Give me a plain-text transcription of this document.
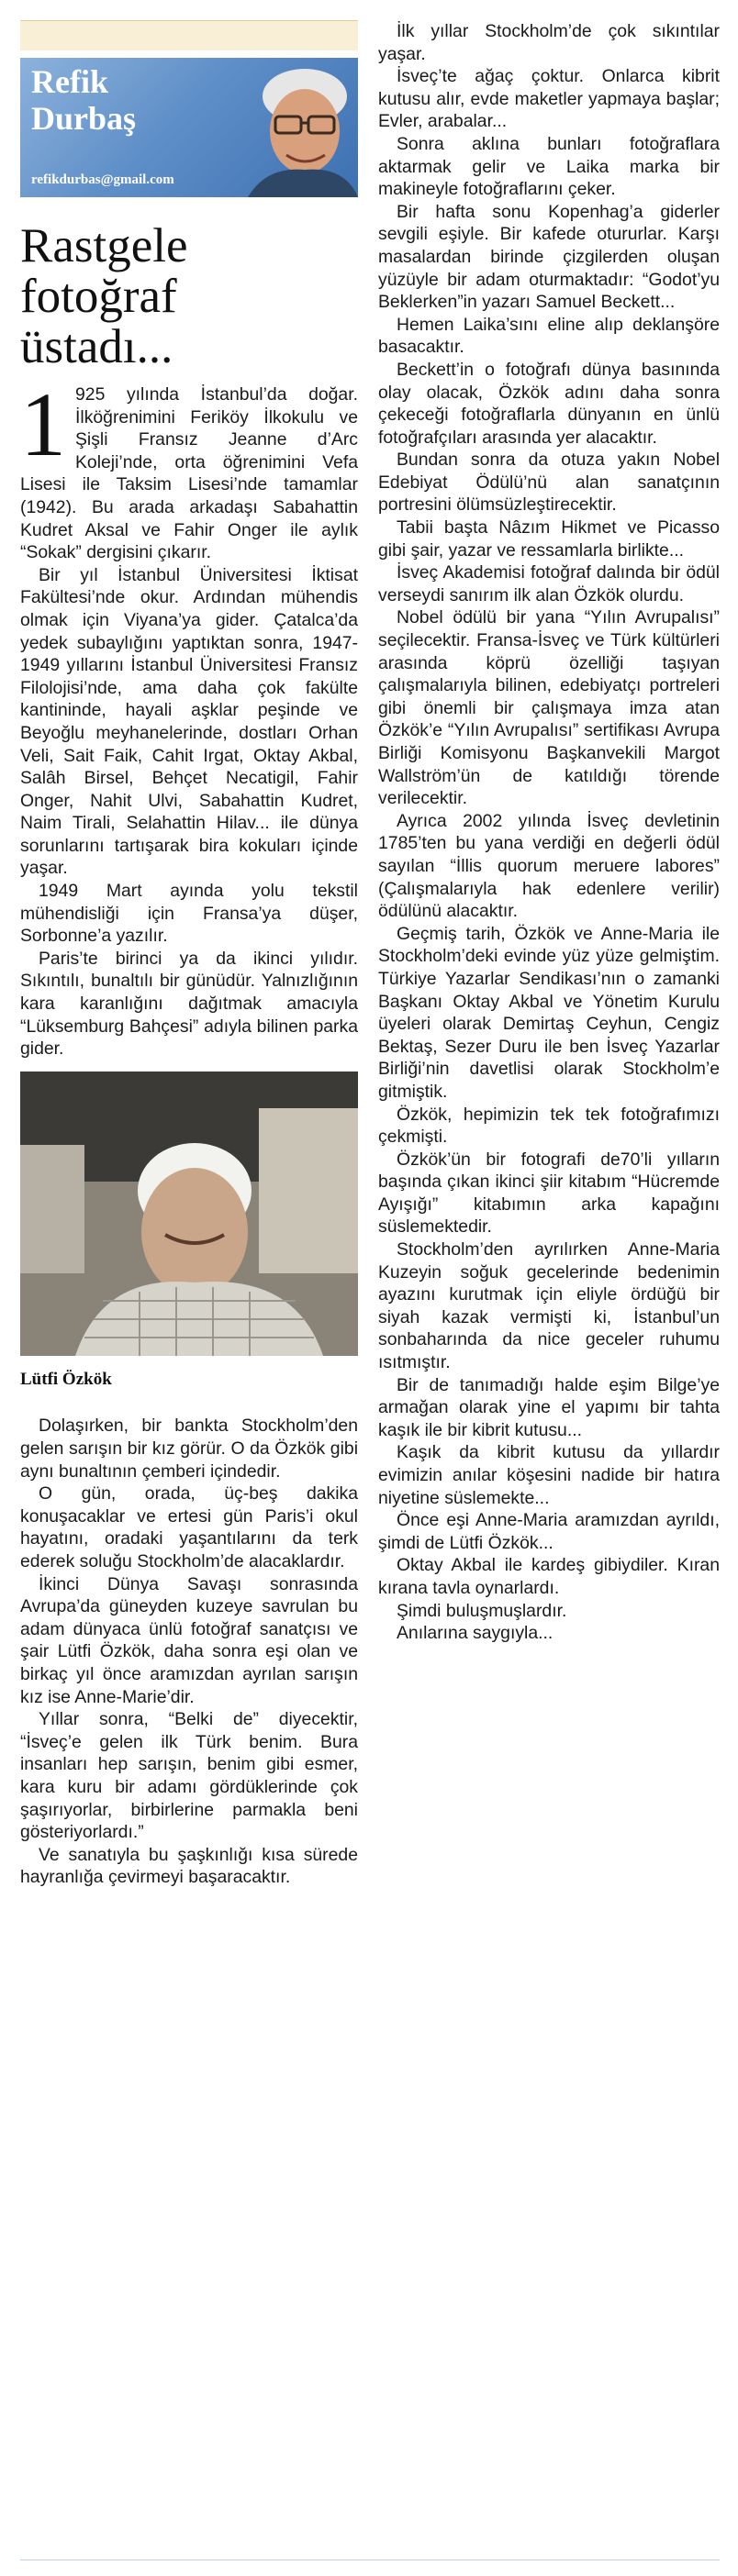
Refik
Durbaş
refikdurbas@gmail.com
Rastgele
fotoğraf
üstadı...

1 925 yılında İstanbul’da doğar. İlköğrenimini Feriköy İlkokulu ve Şişli Fransız Jeanne d’Arc Koleji’nde, orta öğrenimini Vefa Lisesi ile Taksim Lisesi’nde tamamlar (1942). Bu arada arkadaşı Sabahattin Kudret Aksal ve Fahir Onger ile aylık “Sokak” dergisini çıkarır.

Bir yıl İstanbul Üniversitesi İktisat Fakültesi’nde okur. Ardından mühendis olmak için Viyana’ya gider. Çatalca’da yedek subaylığını yaptıktan sonra, 1947-1949 yıllarını İstanbul Üniversitesi Fransız Filolojisi’nde, ama daha çok fakülte kantininde, hayali aşklar peşinde ve Beyoğlu meyhanelerinde, dostları Orhan Veli, Sait Faik, Cahit Irgat, Oktay Akbal, Salâh Birsel, Behçet Necatigil, Fahir Onger, Nahit Ulvi, Sabahattin Kudret, Naim Tirali, Selahattin Hilav... ile dünya sorunlarını tartışarak bira kokuları içinde yaşar.

1949 Mart ayında yolu tekstil mühendisliği için Fransa’ya düşer, Sorbonne’a yazılır.

Paris’te birinci ya da ikinci yılıdır. Sıkıntılı, bunaltılı bir günüdür. Yalnızlığının kara karanlığını dağıtmak amacıyla “Lüksemburg Bahçesi” adıyla bilinen parka gider.

Lütfi Özkök

Dolaşırken, bir bankta Stockholm’den gelen sarışın bir kız görür. O da Özkök gibi aynı bunaltının çemberi içindedir.

O gün, orada, üç-beş dakika konuşacaklar ve ertesi gün Paris’i okul hayatını, oradaki yaşantılarını da terk ederek soluğu Stockholm’de alacaklardır.

İkinci Dünya Savaşı sonrasında Avrupa’da güneyden kuzeye savrulan bu adam dünyaca ünlü fotoğraf sanatçısı ve şair Lütfi Özkök, daha sonra eşi olan ve birkaç yıl önce aramızdan ayrılan sarışın kız ise Anne-Marie’dir.

Yıllar sonra, “Belki de” diyecektir, “İsveç’e gelen ilk Türk benim. Bura insanları hep sarışın, benim gibi esmer, kara kuru bir adamı gördüklerinde çok şaşırıyorlar, birbirlerine parmakla beni gösteriyorlardı.”

Ve sanatıyla bu şaşkınlığı kısa sürede hayranlığa çevirmeyi başaracaktır.

İlk yıllar Stockholm’de çok sıkıntılar yaşar.

İsveç’te ağaç çoktur. Onlarca kibrit kutusu alır, evde maketler yapmaya başlar; Evler, arabalar...

Sonra aklına bunları fotoğraflara aktarmak gelir ve Laika marka bir makineyle fotoğraflarını çeker.

Bir hafta sonu Kopenhag’a giderler sevgili eşiyle. Bir kafede otururlar. Karşı masalardan birinde çizgilerden oluşan yüzüyle bir adam oturmaktadır: “Godot’yu Beklerken”in yazarı Samuel Beckett...

Hemen Laika’sını eline alıp deklanşöre basacaktır.

Beckett’in o fotoğrafı dünya basınında olay olacak, Özkök adını daha sonra çekeceği fotoğraflarla dünyanın en ünlü fotoğrafçıları arasında yer alacaktır.

Bundan sonra da otuza yakın Nobel Edebiyat Ödülü’nü alan sanatçının portresini ölümsüzleştirecektir.

Tabii başta Nâzım Hikmet ve Picasso gibi şair, yazar ve ressamlarla birlikte...

İsveç Akademisi fotoğraf dalında bir ödül verseydi sanırım ilk alan Özkök olurdu.

Nobel ödülü bir yana “Yılın Avrupalısı” seçilecektir. Fransa-İsveç ve Türk kültürleri arasında köprü özelliği taşıyan çalışmalarıyla bilinen, edebiyatçı portreleri gibi önemli bir çalışmaya imza atan Özkök’e “Yılın Avrupalısı” sertifikası Avrupa Birliği Komisyonu Başkanvekili Margot Wallström’ün de katıldığı törende verilecektir.

Ayrıca 2002 yılında İsveç devletinin 1785’ten bu yana verdiği en değerli ödül sayılan “İllis quorum meruere labores” (Çalışmalarıyla hak edenlere verilir) ödülünü alacaktır.

Geçmiş tarih, Özkök ve Anne-Maria ile Stockholm’deki evinde yüz yüze gelmiştim. Türkiye Yazarlar Sendikası’nın o zamanki Başkanı Oktay Akbal ve Yönetim Kurulu üyeleri olarak Demirtaş Ceyhun, Cengiz Bektaş, Sezer Duru ile ben İsveç Yazarlar Birliği’nin davetlisi olarak Stockholm’e gitmiştik.

Özkök, hepimizin tek tek fotoğrafımızı çekmişti.

Özkök’ün bir fotografi de70’li yılların başında çıkan ikinci şiir kitabım “Hücremde Ayışığı” kitabımın arka kapağını süslemektedir.

Stockholm’den ayrılırken Anne-Maria Kuzeyin soğuk gecelerinde bedenimin ayazını kurutmak için eliyle ördüğü bir siyah kazak vermişti ki, İstanbul’un sonbaharında da nice geceler ruhumu ısıtmıştır.

Bir de tanımadığı halde eşim Bilge’ye armağan olarak yine el yapımı bir tahta kaşık ile bir kibrit kutusu...

Kaşık da kibrit kutusu da yıllardır evimizin anılar köşesini nadide bir hatıra niyetine süslemekte...

Önce eşi Anne-Maria aramızdan ayrıldı, şimdi de Lütfi Özkök...

Oktay Akbal ile kardeş gibiydiler. Kıran kırana tavla oynarlardı.

Şimdi buluşmuşlardır.

Anılarına saygıyla...
